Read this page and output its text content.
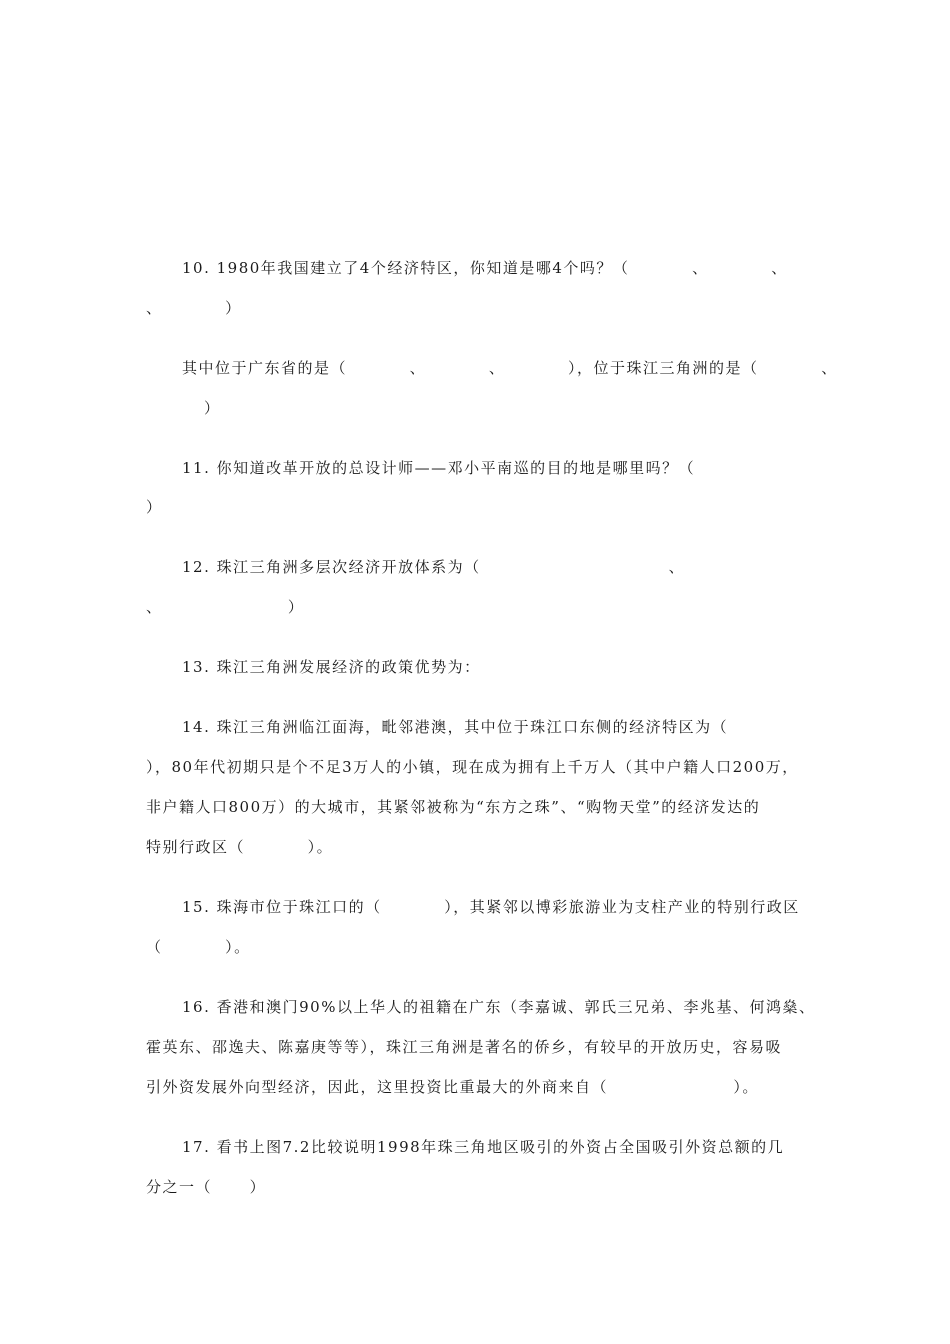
10. 1980年我国建立了4个经济特区，你知道是哪4个吗？（          、          、
、          ）
其中位于广东省的是（          、          、          ），位于珠江三角洲的是（          、
）
11. 你知道改革开放的总设计师——邓小平南巡的目的地是哪里吗？（
）
12. 珠江三角洲多层次经济开放体系为（                              、
、                    ）
13. 珠江三角洲发展经济的政策优势为：
14. 珠江三角洲临江面海，毗邻港澳，其中位于珠江口东侧的经济特区为（
），80年代初期只是个不足3万人的小镇，现在成为拥有上千万人（其中户籍人口200万，
非户籍人口800万）的大城市，其紧邻被称为“东方之珠”、“购物天堂”的经济发达的
特别行政区（          ）。
15. 珠海市位于珠江口的（          ），其紧邻以博彩旅游业为支柱产业的特别行政区
（          ）。
16. 香港和澳门90%以上华人的祖籍在广东（李嘉诚、郭氏三兄弟、李兆基、何鸿燊、
霍英东、邵逸夫、陈嘉庚等等），珠江三角洲是著名的侨乡，有较早的开放历史，容易吸
引外资发展外向型经济，因此，这里投资比重最大的外商来自（                    ）。
17. 看书上图7.2比较说明1998年珠三角地区吸引的外资占全国吸引外资总额的几
分之一（      ）
